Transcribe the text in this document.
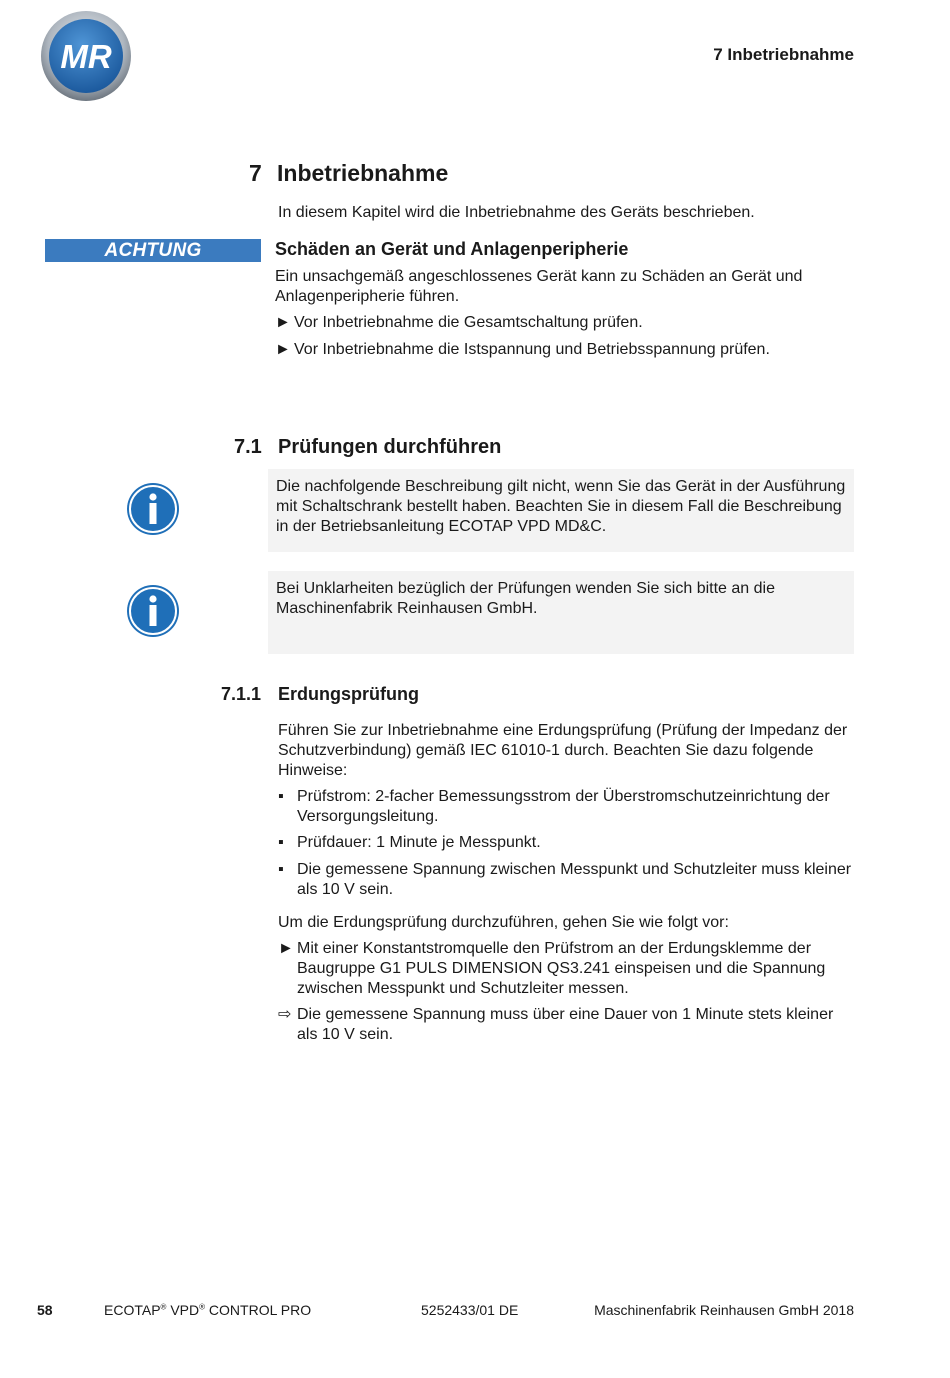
MR	7 Inbetriebnahme
7 Inbetriebnahme
In diesem Kapitel wird die Inbetriebnahme des Geräts beschrieben.
ACHTUNG	Schäden an Gerät und Anlagenperipherie
Ein unsachgemäß angeschlossenes Gerät kann zu Schäden an Gerät und Anlagenperipherie führen.
► Vor Inbetriebnahme die Gesamtschaltung prüfen.
► Vor Inbetriebnahme die Istspannung und Betriebsspannung prüfen.
7.1 Prüfungen durchführen
Die nachfolgende Beschreibung gilt nicht, wenn Sie das Gerät in der Ausführung mit Schaltschrank bestellt haben. Beachten Sie in diesem Fall die Beschreibung in der Betriebsanleitung ECOTAP VPD MD&C.
Bei Unklarheiten bezüglich der Prüfungen wenden Sie sich bitte an die Maschinenfabrik Reinhausen GmbH.
7.1.1 Erdungsprüfung
Führen Sie zur Inbetriebnahme eine Erdungsprüfung (Prüfung der Impedanz der Schutzverbindung) gemäß IEC 61010-1 durch. Beachten Sie dazu folgende Hinweise:
▪ Prüfstrom: 2-facher Bemessungsstrom der Überstromschutzeinrichtung der Versorgungsleitung.
▪ Prüfdauer: 1 Minute je Messpunkt.
▪ Die gemessene Spannung zwischen Messpunkt und Schutzleiter muss kleiner als 10 V sein.
Um die Erdungsprüfung durchzuführen, gehen Sie wie folgt vor:
► Mit einer Konstantstromquelle den Prüfstrom an der Erdungsklemme der Baugruppe G1 PULS DIMENSION QS3.241 einspeisen und die Spannung zwischen Messpunkt und Schutzleiter messen.
⇨ Die gemessene Spannung muss über eine Dauer von 1 Minute stets kleiner als 10 V sein.
58	ECOTAP® VPD® CONTROL PRO	5252433/01 DE	Maschinenfabrik Reinhausen GmbH 2018
